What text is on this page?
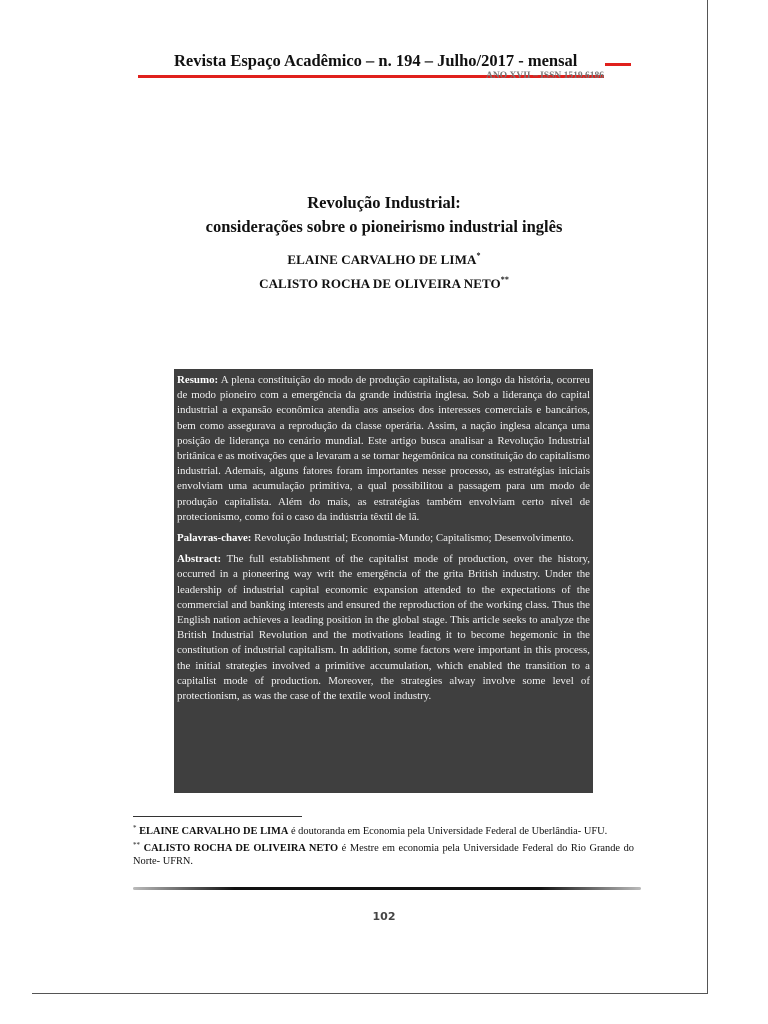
Revista Espaço Acadêmico – n. 194 – Julho/2017 - mensal
ANO XVII – ISSN 1519.6186
Revolução Industrial:
considerações sobre o pioneirismo industrial inglês
ELAINE CARVALHO DE LIMA*
CALISTO ROCHA DE OLIVEIRA NETO**

Resumo: A plena constituição do modo de produção capitalista, ao longo da história, ocorreu de modo pioneiro com a emergência da grande indústria inglesa. Sob a liderança do capital industrial a expansão econômica atendia aos anseios dos interesses comerciais e bancários, bem como assegurava a reprodução da classe operária. Assim, a nação inglesa alcança uma posição de liderança no cenário mundial. Este artigo busca analisar a Revolução Industrial britânica e as motivações que a levaram a se tornar hegemônica na constituição do capitalismo industrial. Ademais, alguns fatores foram importantes nesse processo, as estratégias iniciais envolviam uma acumulação primitiva, a qual possibilitou a passagem para um modo de produção capitalista. Além do mais, as estratégias também envolviam certo nível de protecionismo, como foi o caso da indústria têxtil de lã.

Palavras-chave: Revolução Industrial; Economia-Mundo; Capitalismo; Desenvolvimento.

Abstract: The full establishment of the capitalist mode of production, over the history, occurred in a pioneering way writ the emergência of the grita British industry. Under the leadership of industrial capital economic expansion attended to the expectations of the commercial and banking interests and ensured the reproduction of the working class. Thus the English nation achieves a leading position in the global stage. This article seeks to analyze the British Industrial Revolution and the motivations leading it to become hegemonic in the constitution of industrial capitalism. In addition, some factors were important in this process, the initial strategies involved a primitive accumulation, which enabled the transition to a capitalist mode of production. Moreover, the strategies alway involve some level of protectionism, as was the case of the textile wool industry.

* ELAINE CARVALHO DE LIMA é doutoranda em Economia pela Universidade Federal de Uberlândia- UFU.

** CALISTO ROCHA DE OLIVEIRA NETO é Mestre em economia pela Universidade Federal do Rio Grande do Norte- UFRN.

102
